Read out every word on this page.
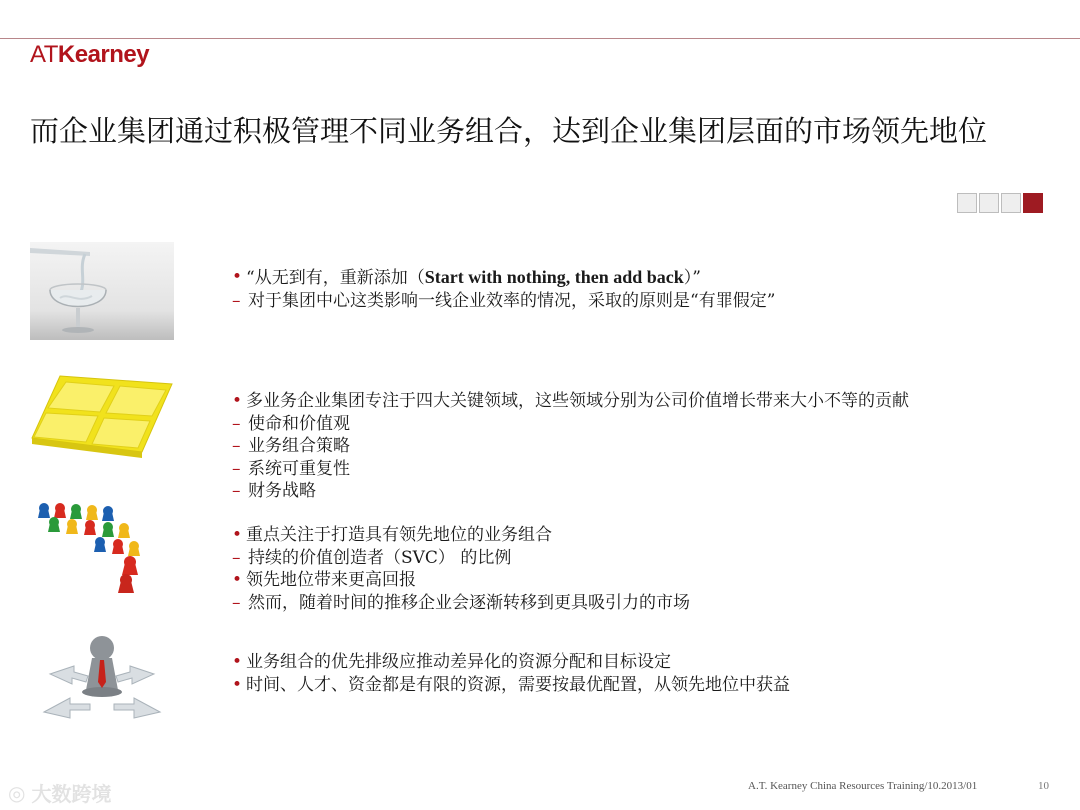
ATKearney
而企业集团通过积极管理不同业务组合，达到企业集团层面的市场领先地位
• “从无到有，重新添加（Start with nothing, then add back）”
– 对于集团中心这类影响一线企业效率的情况，采取的原则是“有罪假定”
• 多业务企业集团专注于四大关键领域，这些领域分别为公司价值增长带来大小不等的贡献
– 使命和价值观
– 业务组合策略
– 系统可重复性
– 财务战略
• 重点关注于打造具有领先地位的业务组合
– 持续的价值创造者（SVC） 的比例
• 领先地位带来更高回报
– 然而，随着时间的推移企业会逐渐转移到更具吸引力的市场
• 业务组合的优先排级应推动差异化的资源分配和目标设定
• 时间、人才、资金都是有限的资源，需要按最优配置，从领先地位中获益
◎ 大数跨境	A.T. Kearney China Resources Training/10.2013/01	10
